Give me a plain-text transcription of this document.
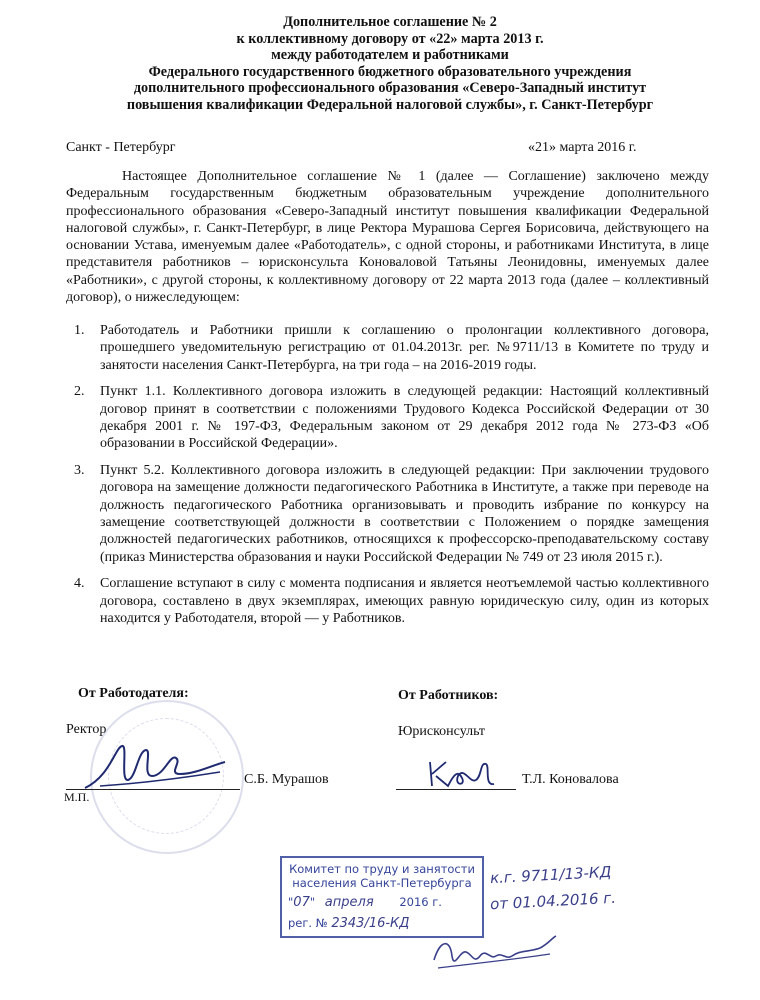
Дополнительное соглашение № 2
к коллективному договору от «22» марта 2013 г.
между работодателем и работниками
Федерального государственного бюджетного образовательного учреждения
дополнительного профессионального образования «Северо-Западный институт
повышения квалификации Федеральной налоговой службы», г. Санкт-Петербург
Санкт - Петербург	«21» марта 2016 г.
Настоящее Дополнительное соглашение № 1 (далее — Соглашение) заключено между Федеральным государственным бюджетным образовательным учреждение дополнительного профессионального образования «Северо-Западный институт повышения квалификации Федеральной налоговой службы», г. Санкт-Петербург, в лице Ректора Мурашова Сергея Борисовича, действующего на основании Устава, именуемым далее «Работодатель», с одной стороны, и работниками Института, в лице представителя работников – юрисконсульта Коноваловой Татьяны Леонидовны, именуемых далее «Работники», с другой стороны, к коллективному договору от 22 марта 2013 года (далее – коллективный договор), о нижеследующем:
1. Работодатель и Работники пришли к соглашению о пролонгации коллективного договора, прошедшего уведомительную регистрацию от 01.04.2013г. рег. №9711/13 в Комитете по труду и занятости населения Санкт-Петербурга, на три года – на 2016-2019 годы.
2. Пункт 1.1. Коллективного договора изложить в следующей редакции: Настоящий коллективный договор принят в соответствии с положениями Трудового Кодекса Российской Федерации от 30 декабря 2001 г. № 197-ФЗ, Федеральным законом от 29 декабря 2012 года № 273-ФЗ «Об образовании в Российской Федерации».
3. Пункт 5.2. Коллективного договора изложить в следующей редакции: При заключении трудового договора на замещение должности педагогического Работника в Институте, а также при переводе на должность педагогического Работника организовывать и проводить избрание по конкурсу на замещение соответствующей должности в соответствии с Положением о порядке замещения должностей педагогических работников, относящихся к профессорско-преподавательскому составу (приказ Министерства образования и науки Российской Федерации № 749 от 23 июля 2015 г.).
4. Соглашение вступают в силу с момента подписания и является неотъемлемой частью коллективного договора, составлено в двух экземплярах, имеющих равную юридическую силу, один из которых находится у Работодателя, второй — у Работников.
От Работодателя:
Ректор
С.Б. Мурашов
М.П.
От Работников:
Юрисконсульт
Т.Л. Коновалова
Комитет по труду и занятости
населения Санкт-Петербурга
"07" апреля 2016 г.
рег. № 2343/16-КД
к.г. 9711/13-КД
от 01.04.2016 г.
